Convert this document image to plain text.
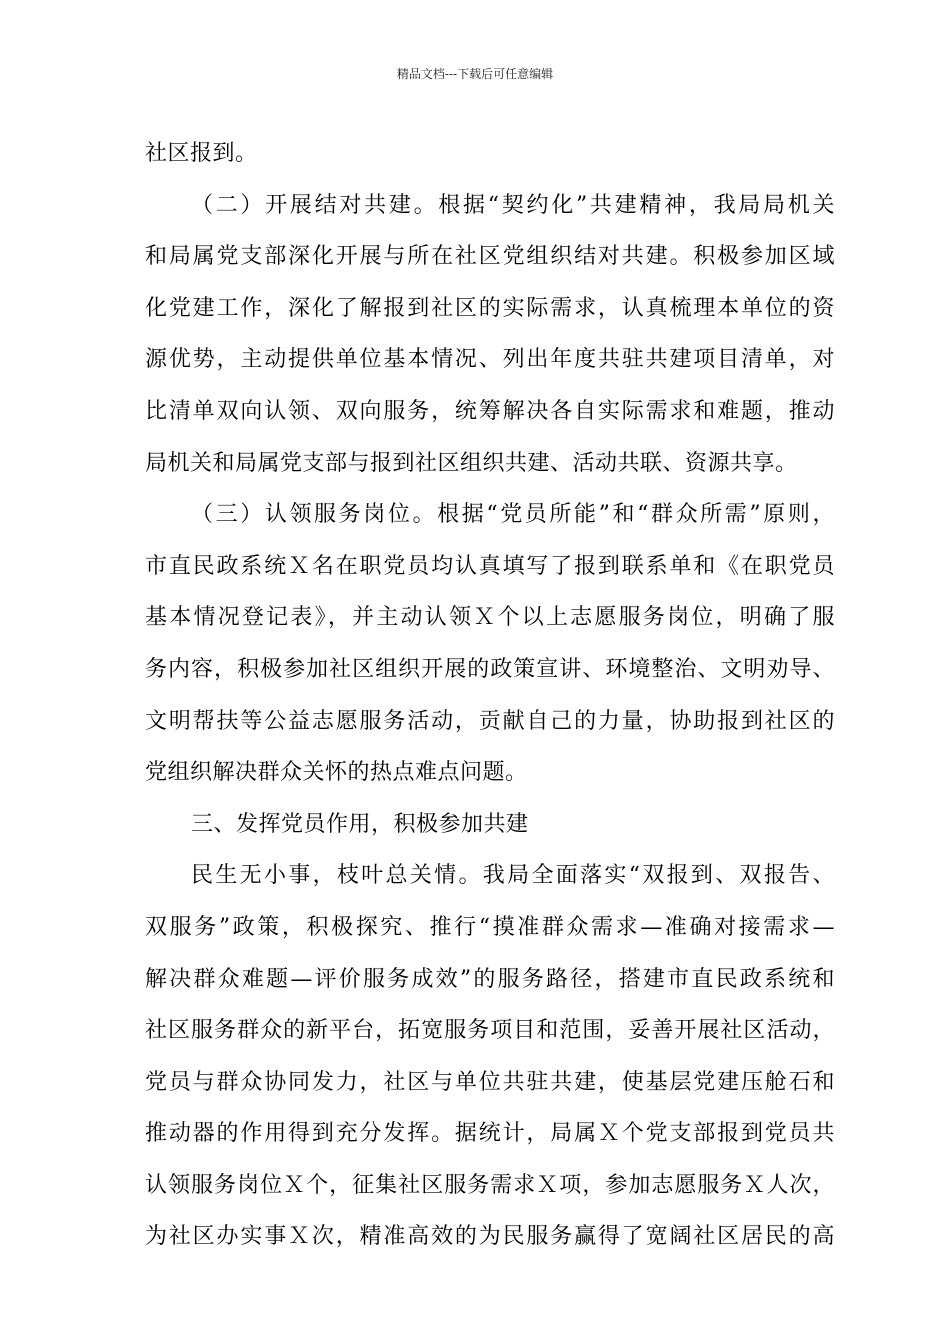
精品文档---下载后可任意编辑
社区报到。
（二）开展结对共建。根据“契约化”共建精神，我局局机关
和局属党支部深化开展与所在社区党组织结对共建。积极参加区域
化党建工作，深化了解报到社区的实际需求，认真梳理本单位的资
源优势，主动提供单位基本情况、列出年度共驻共建项目清单，对
比清单双向认领、双向服务，统筹解决各自实际需求和难题，推动
局机关和局属党支部与报到社区组织共建、活动共联、资源共享。
（三）认领服务岗位。根据“党员所能”和“群众所需”原则，
市直民政系统Ｘ名在职党员均认真填写了报到联系单和《在职党员
基本情况登记表》，并主动认领Ｘ个以上志愿服务岗位，明确了服
务内容，积极参加社区组织开展的政策宣讲、环境整治、文明劝导、
文明帮扶等公益志愿服务活动，贡献自己的力量，协助报到社区的
党组织解决群众关怀的热点难点问题。
三、发挥党员作用，积极参加共建
民生无小事，枝叶总关情。我局全面落实“双报到、双报告、
双服务”政策，积极探究、推行“摸准群众需求—准确对接需求—
解决群众难题—评价服务成效”的服务路径，搭建市直民政系统和
社区服务群众的新平台，拓宽服务项目和范围，妥善开展社区活动，
党员与群众协同发力，社区与单位共驻共建，使基层党建压舱石和
推动器的作用得到充分发挥。据统计，局属Ｘ个党支部报到党员共
认领服务岗位Ｘ个，征集社区服务需求Ｘ项，参加志愿服务Ｘ人次，
为社区办实事Ｘ次，精准高效的为民服务赢得了宽阔社区居民的高
